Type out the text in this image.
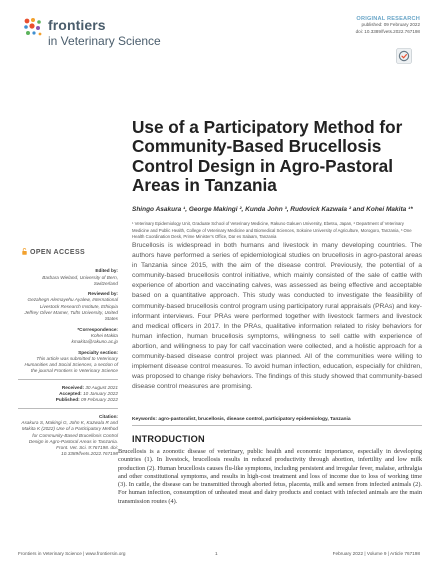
frontiers
in Veterinary Science
ORIGINAL RESEARCH
published: 09 February 2022
doi: 10.3389/fvets.2022.767198
Use of a Participatory Method for Community-Based Brucellosis Control Design in Agro-Pastoral Areas in Tanzania
Shingo Asakura ¹, George Makingi ², Kunda John ³, Rudovick Kazwala ² and Kohei Makita ¹*
¹ Veterinary Epidemiology Unit, Graduate School of Veterinary Medicine, Rakuno Gakuen University, Ebetsu, Japan, ² Department of Veterinary Medicine and Public Health, College of Veterinary Medicine and Biomedical Sciences, Sokoine University of Agriculture, Morogoro, Tanzania, ³ One Health Coordination Desk, Prime Minister's Office, Dar es Salaam, Tanzania
OPEN ACCESS
Edited by:
Barbara Wieland, University of Bern, Switzerland
Reviewed by:
Gezahegn Alemayehu Ayalew, International Livestock Research Institute, Ethiopia
Jeffrey Oliver Mamer, Tufts University, United States
*Correspondence:
Kohei Makita
kmakita@rakuno.ac.jp
Specialty section:
This article was submitted to Veterinary Humanities and Social Sciences, a section of the journal Frontiers in Veterinary Science
Received: 30 August 2021
Accepted: 10 January 2022
Published: 09 February 2022
Citation:
Asakura S, Makingi G, John K, Kazwala R and Makita K (2022) Use of a Participatory Method for Community-Based Brucellosis Control Design in Agro-Pastoral Areas in Tanzania. Front. Vet. Sci. 9:767198. doi: 10.3389/fvets.2022.767198
Brucellosis is widespread in both humans and livestock in many developing countries. The authors have performed a series of epidemiological studies on brucellosis in agro-pastoral areas in Tanzania since 2015, with the aim of the disease control. Previously, the potential of a community-based brucellosis control initiative, which mainly consisted of the sale of cattle with experience of abortion and vaccinating calves, was assessed as being effective and acceptable based on a quantitative approach. This study was conducted to investigate the feasibility of community-based brucellosis control program using participatory rural appraisals (PRAs) and key-informant interviews. Four PRAs were performed together with livestock farmers and livestock and medical officers in 2017. In the PRAs, qualitative information related to risky behaviors for human infection, human brucellosis symptoms, willingness to sell cattle with experience of abortion, and willingness to pay for calf vaccination were collected, and a holistic approach for a community-based disease control project was planned. All of the communities were willing to implement disease control measures. To avoid human infection, education, especially for children, was proposed to change risky behaviors. The findings of this study showed that community-based disease control measures are promising.
Keywords: agro-pastoralist, brucellosis, disease control, participatory epidemiology, Tanzania
INTRODUCTION
Brucellosis is a zoonotic disease of veterinary, public health and economic importance, especially in developing countries (1). In livestock, brucellosis results in reduced productivity through abortion, infertility and low milk production (2). Human brucellosis causes flu-like symptoms, including persistent and irregular fever, malaise, arthralgia and other constitutional symptoms, and results in high-cost treatment and loss of income due to loss of working time (3). In cattle, the disease can be transmitted through aborted fetus, placenta, milk and semen from infected animals (2). For human infection, consumption of unheated meat and dairy products and contact with infected animals are the main transmission routes (4).
Frontiers in Veterinary Science | www.frontiersin.org	1	February 2022 | Volume 9 | Article 767198
